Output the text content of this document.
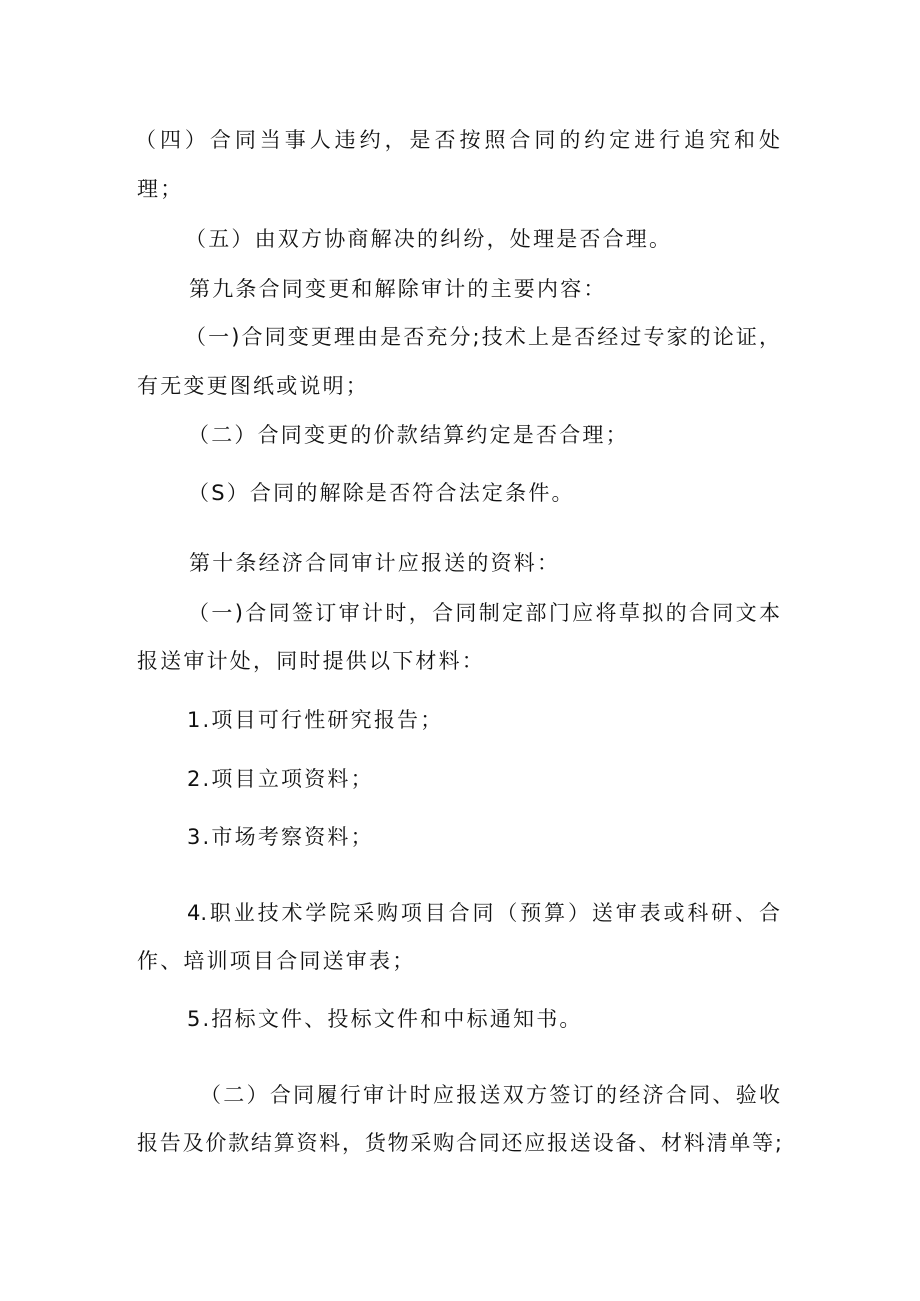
（四）合同当事人违约，是否按照合同的约定进行追究和处
理；
（五）由双方协商解决的纠纷，处理是否合理。
第九条合同变更和解除审计的主要内容：
（一)合同变更理由是否充分;技术上是否经过专家的论证，
有无变更图纸或说明；
（二）合同变更的价款结算约定是否合理；
（S）合同的解除是否符合法定条件。
第十条经济合同审计应报送的资料：
（一)合同签订审计时，合同制定部门应将草拟的合同文本
报送审计处，同时提供以下材料：
1.项目可行性研究报告；
2.项目立项资料；
3.市场考察资料；
4.职业技术学院采购项目合同（预算）送审表或科研、合
作、培训项目合同送审表；
5.招标文件、投标文件和中标通知书。
（二）合同履行审计时应报送双方签订的经济合同、验收
报告及价款结算资料，货物采购合同还应报送设备、材料清单等;
